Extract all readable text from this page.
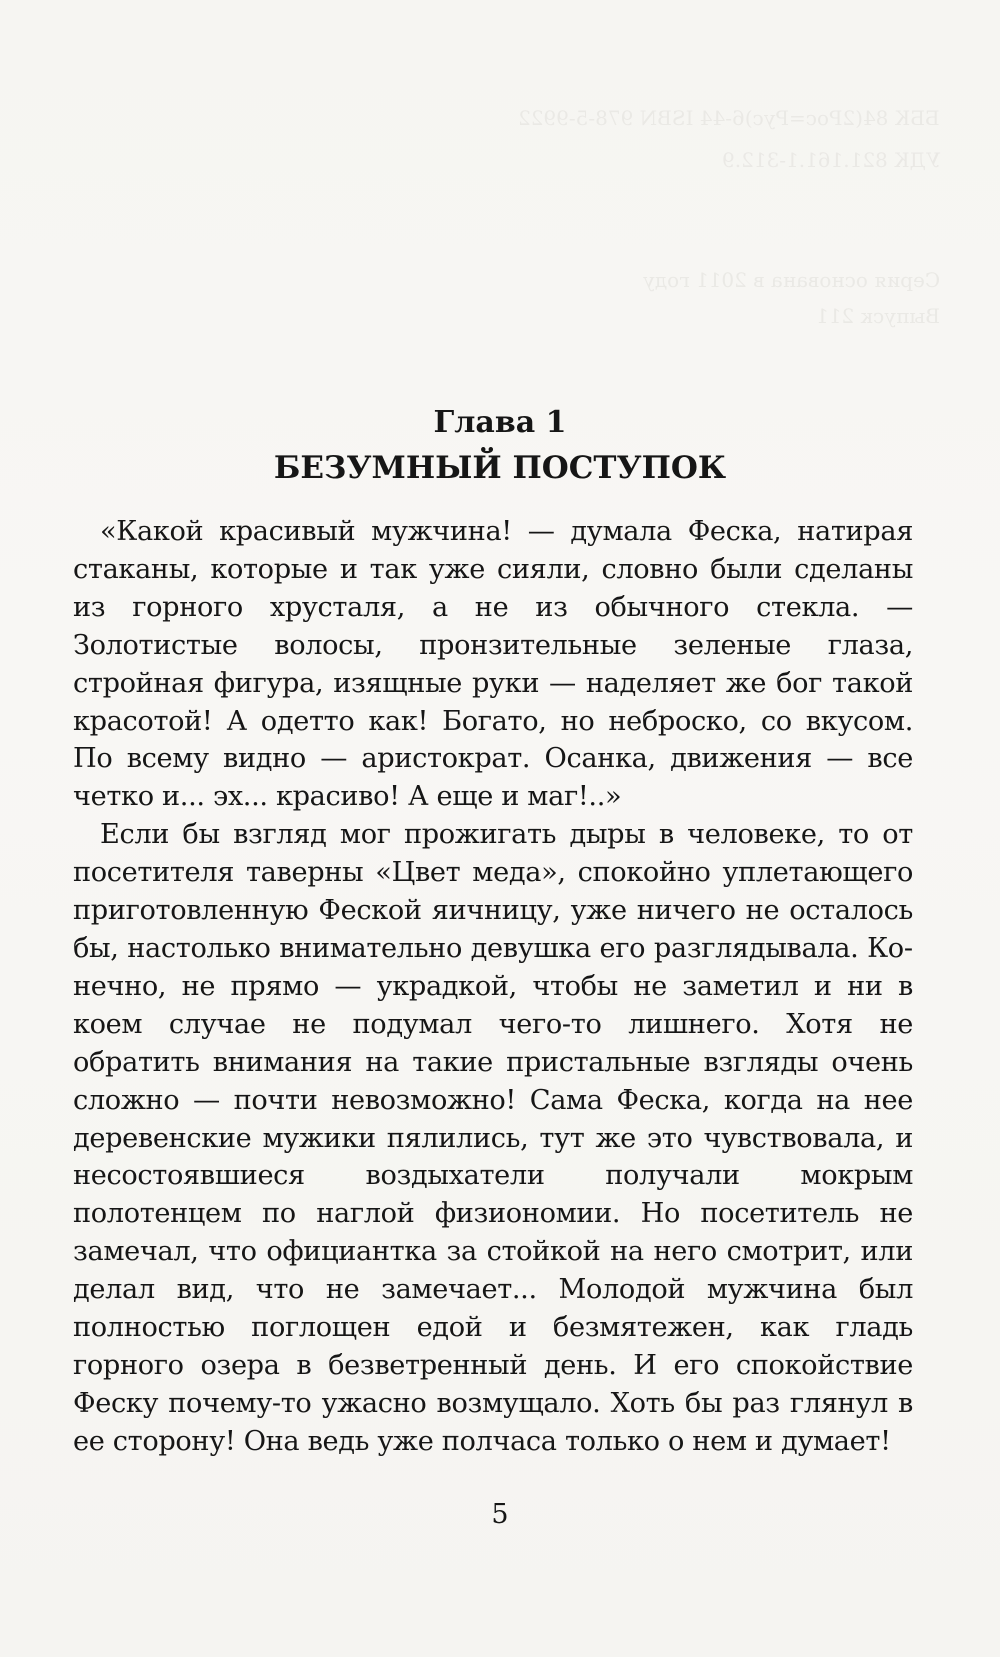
ББК 84(2Рос=Рус)6-44 ISBN 978-5-9922
УДК 821.161.1-312.9
Серия основана в 2011 году
Выпуск 211
Глава 1
БЕЗУМНЫЙ ПОСТУПОК

«Какой красивый мужчина! — думала Феска, натирая стаканы, которые и так уже сияли, словно были сделаны из горного хрусталя, а не из обычного стекла. — Золотистые волосы, пронзительные зеленые глаза, стройная фигура, изящные руки — наделяет же бог такой красотой! А одетто как! Богато, но неброско, со вкусом. По всему видно — аристократ. Осанка, движения — все четко и... эх... красиво! А еще и маг!..»

Если бы взгляд мог прожигать дыры в человеке, то от посетителя таверны «Цвет меда», спокойно уплетающего приготовленную Феской яичницу, уже ничего не осталось бы, настолько внимательно девушка его разглядывала. Конечно, не прямо — украдкой, чтобы не заметил и ни в коем случае не подумал чего-то лишнего. Хотя не обратить внимания на такие пристальные взгляды очень сложно — почти невозможно! Сама Феска, когда на нее деревенские мужики пялились, тут же это чувствовала, и несостоявшиеся воздыхатели получали мокрым полотенцем по наглой физиономии. Но посетитель не замечал, что официантка за стойкой на него смотрит, или делал вид, что не замечает... Молодой мужчина был полностью поглощен едой и безмятежен, как гладь горного озера в безветренный день. И его спокойствие Феску почему-то ужасно возмущало. Хоть бы раз глянул в ее сторону! Она ведь уже полчаса только о нем и думает!

5
